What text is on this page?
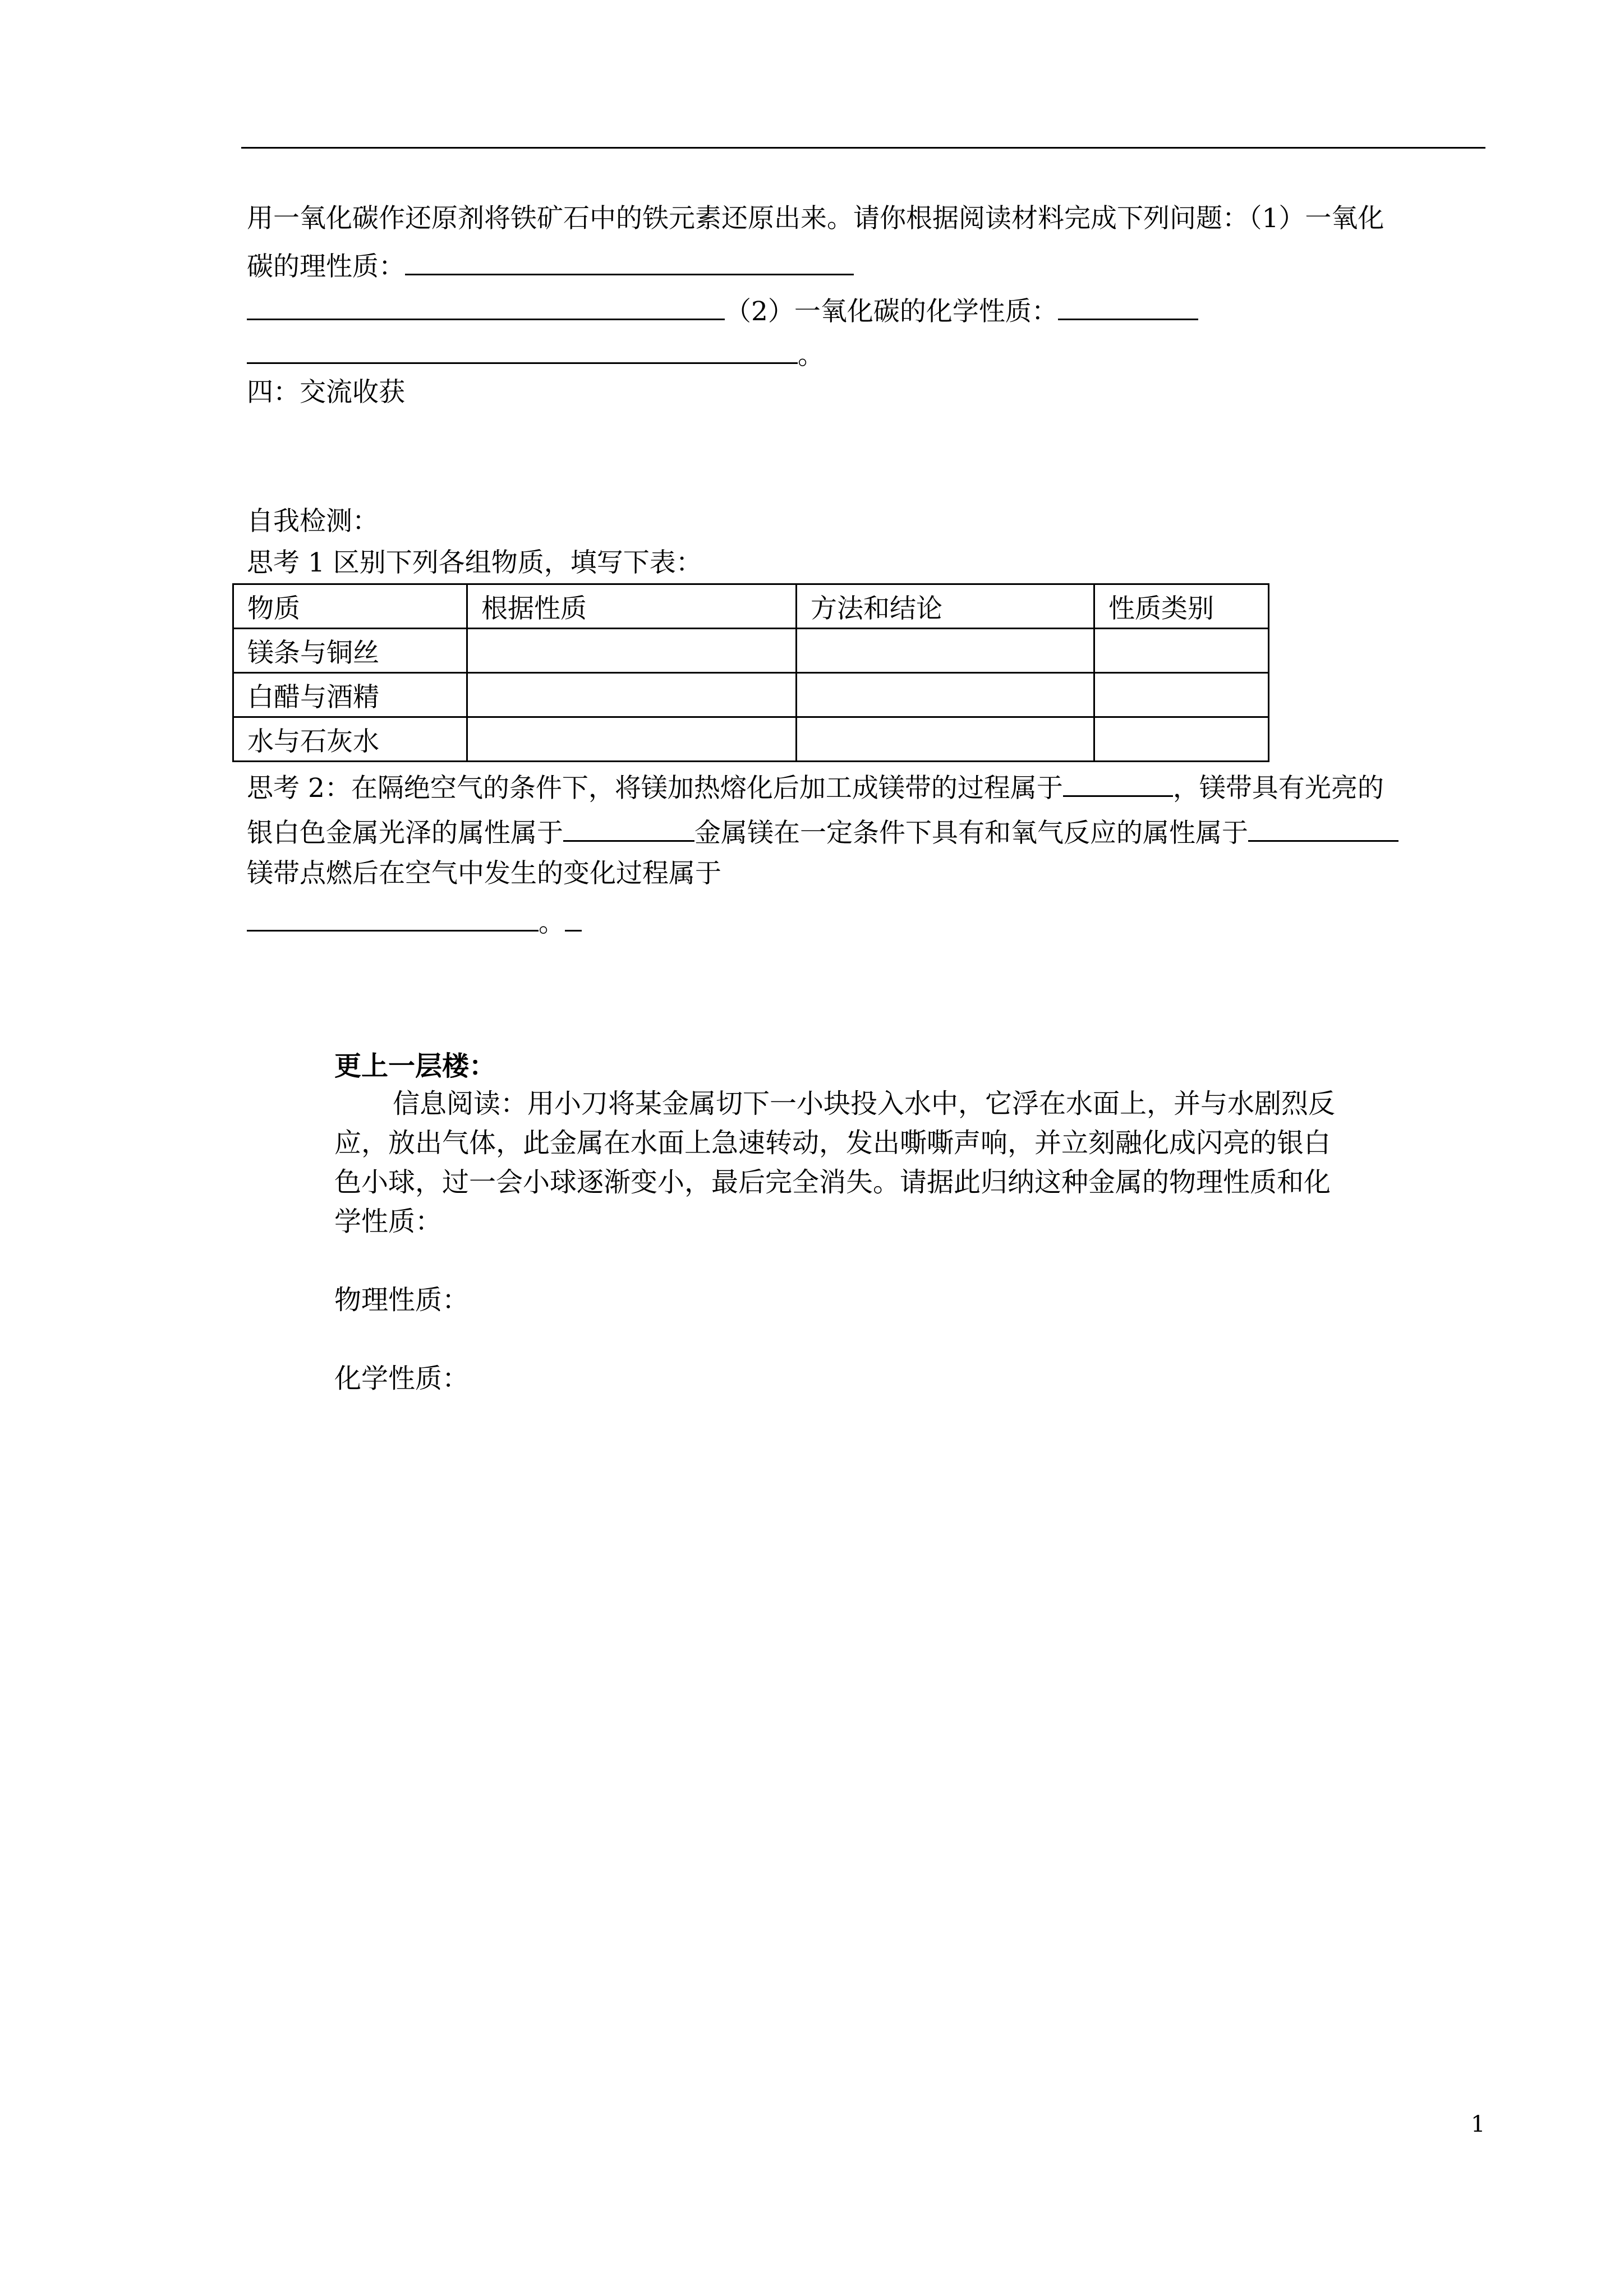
用一氧化碳作还原剂将铁矿石中的铁元素还原出来。请你根据阅读材料完成下列问题：（1）一氧化
碳的理性质：
（2）一氧化碳的化学性质：
。
四：交流收获
自我检测：
思考 1 区别下列各组物质，填写下表：
物质	根据性质	方法和结论	性质类别
镁条与铜丝			
白醋与酒精			
水与石灰水			
思考 2：在隔绝空气的条件下，将镁加热熔化后加工成镁带的过程属于	，镁带具有光亮的
银白色金属光泽的属性属于	金属镁在一定条件下具有和氧气反应的属性属于
镁带点燃后在空气中发生的变化过程属于
。
更上一层楼：
信息阅读：用小刀将某金属切下一小块投入水中，它浮在水面上，并与水剧烈反
应，放出气体，此金属在水面上急速转动，发出嘶嘶声响，并立刻融化成闪亮的银白
色小球，过一会小球逐渐变小，最后完全消失。请据此归纳这种金属的物理性质和化
学性质：
物理性质：
化学性质：
1
